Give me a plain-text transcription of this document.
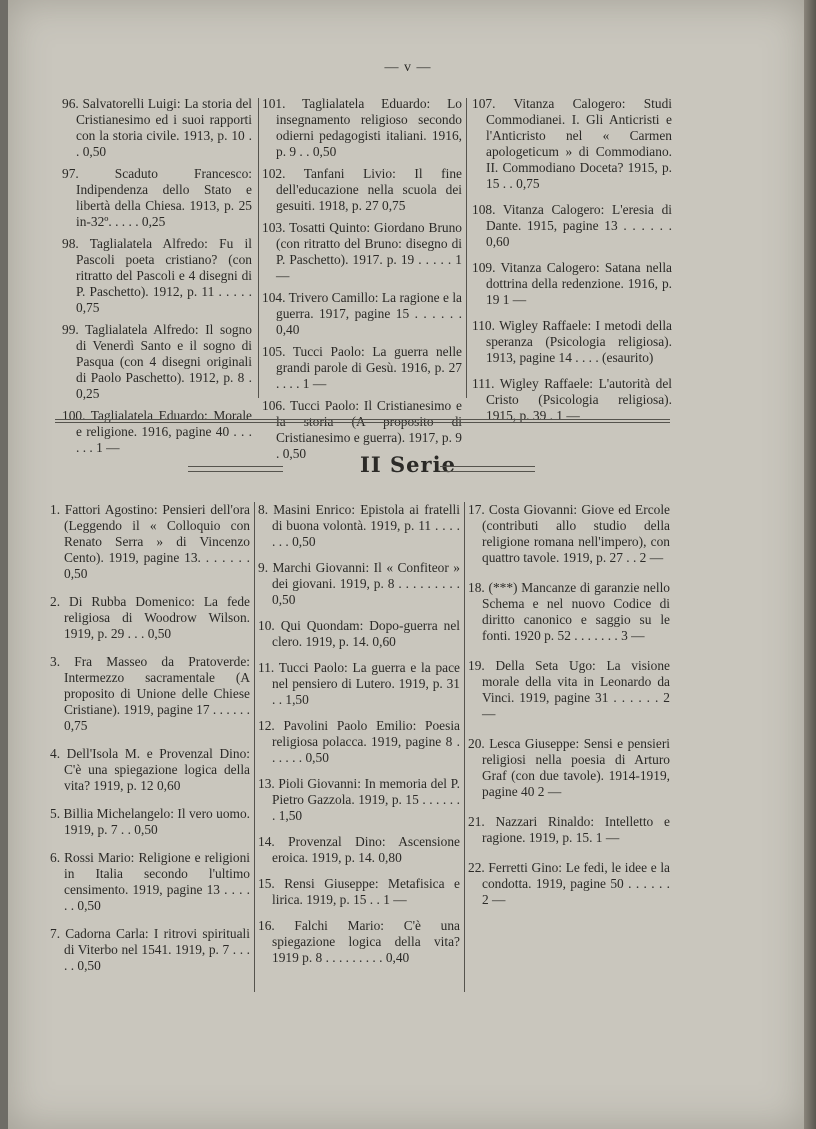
— v —
96. Salvatorelli Luigi: La storia del Cristianesimo ed i suoi rapporti con la storia civile. 1913, p. 10 . . 0,50
97. Scaduto Francesco: Indipendenza dello Stato e libertà della Chiesa. 1913, p. 25 in-32º. . . . . 0,25
98. Taglialatela Alfredo: Fu il Pascoli poeta cristiano? (con ritratto del Pascoli e 4 disegni di P. Paschetto). 1912, p. 11 . . . . . 0,75
99. Taglialatela Alfredo: Il sogno di Venerdì Santo e il sogno di Pasqua (con 4 disegni originali di Paolo Paschetto). 1912, p. 8 . 0,25
100. Taglialatela Eduardo: Morale e religione. 1916, pagine 40 . . . . . . 1 —
101. Taglialatela Eduardo: Lo insegnamento religioso secondo odierni pedagogisti italiani. 1916, p. 9 . . 0,50
102. Tanfani Livio: Il fine dell'educazione nella scuola dei gesuiti. 1918, p. 27 0,75
103. Tosatti Quinto: Giordano Bruno (con ritratto del Bruno: disegno di P. Paschetto). 1917. p. 19 . . . . . 1 —
104. Trivero Camillo: La ragione e la guerra. 1917, pagine 15 . . . . . . 0,40
105. Tucci Paolo: La guerra nelle grandi parole di Gesù. 1916, p. 27 . . . . 1 —
106. Tucci Paolo: Il Cristianesimo e la storia (A proposito di Cristianesimo e guerra). 1917, p. 9 . 0,50
107. Vitanza Calogero: Studi Commodianei. I. Gli Anticristi e l'Anticristo nel « Carmen apologeticum » di Commodiano. II. Commodiano Doceta? 1915, p. 15 . . 0,75
108. Vitanza Calogero: L'eresia di Dante. 1915, pagine 13 . . . . . . 0,60
109. Vitanza Calogero: Satana nella dottrina della redenzione. 1916, p. 19 1 —
110. Wigley Raffaele: I metodi della speranza (Psicologia religiosa). 1913, pagine 14 . . . . (esaurito)
111. Wigley Raffaele: L'autorità del Cristo (Psicologia religiosa). 1915, p. 39 . 1 —
II Serie
1. Fattori Agostino: Pensieri dell'ora (Leggendo il « Colloquio con Renato Serra » di Vincenzo Cento). 1919, pagine 13. . . . . . . 0,50
2. Di Rubba Domenico: La fede religiosa di Woodrow Wilson. 1919, p. 29 . . . 0,50
3. Fra Masseo da Pratoverde: Intermezzo sacramentale (A proposito di Unione delle Chiese Cristiane). 1919, pagine 17 . . . . . . 0,75
4. Dell'Isola M. e Provenzal Dino: C'è una spiegazione logica della vita? 1919, p. 12 0,60
5. Billia Michelangelo: Il vero uomo. 1919, p. 7 . . 0,50
6. Rossi Mario: Religione e religioni in Italia secondo l'ultimo censimento. 1919, pagine 13 . . . . . . 0,50
7. Cadorna Carla: I ritrovi spirituali di Viterbo nel 1541. 1919, p. 7 . . . . . 0,50
8. Masini Enrico: Epistola ai fratelli di buona volontà. 1919, p. 11 . . . . . . . 0,50
9. Marchi Giovanni: Il « Confiteor » dei giovani. 1919, p. 8 . . . . . . . . . 0,50
10. Qui Quondam: Dopo-guerra nel clero. 1919, p. 14. 0,60
11. Tucci Paolo: La guerra e la pace nel pensiero di Lutero. 1919, p. 31 . . 1,50
12. Pavolini Paolo Emilio: Poesia religiosa polacca. 1919, pagine 8 . . . . . . 0,50
13. Pioli Giovanni: In memoria del P. Pietro Gazzola. 1919, p. 15 . . . . . . . 1,50
14. Provenzal Dino: Ascensione eroica. 1919, p. 14. 0,80
15. Rensi Giuseppe: Metafisica e lirica. 1919, p. 15 . . 1 —
16. Falchi Mario: C'è una spiegazione logica della vita? 1919 p. 8 . . . . . . . . . 0,40
17. Costa Giovanni: Giove ed Ercole (contributi allo studio della religione romana nell'impero), con quattro tavole. 1919, p. 27 . . 2 —
18. (***) Mancanze di garanzie nello Schema e nel nuovo Codice di diritto canonico e saggio su le fonti. 1920 p. 52 . . . . . . . 3 —
19. Della Seta Ugo: La visione morale della vita in Leonardo da Vinci. 1919, pagine 31 . . . . . . 2 —
20. Lesca Giuseppe: Sensi e pensieri religiosi nella poesia di Arturo Graf (con due tavole). 1914-1919, pagine 40 2 —
21. Nazzari Rinaldo: Intelletto e ragione. 1919, p. 15. 1 —
22. Ferretti Gino: Le fedi, le idee e la condotta. 1919, pagine 50 . . . . . . 2 —
